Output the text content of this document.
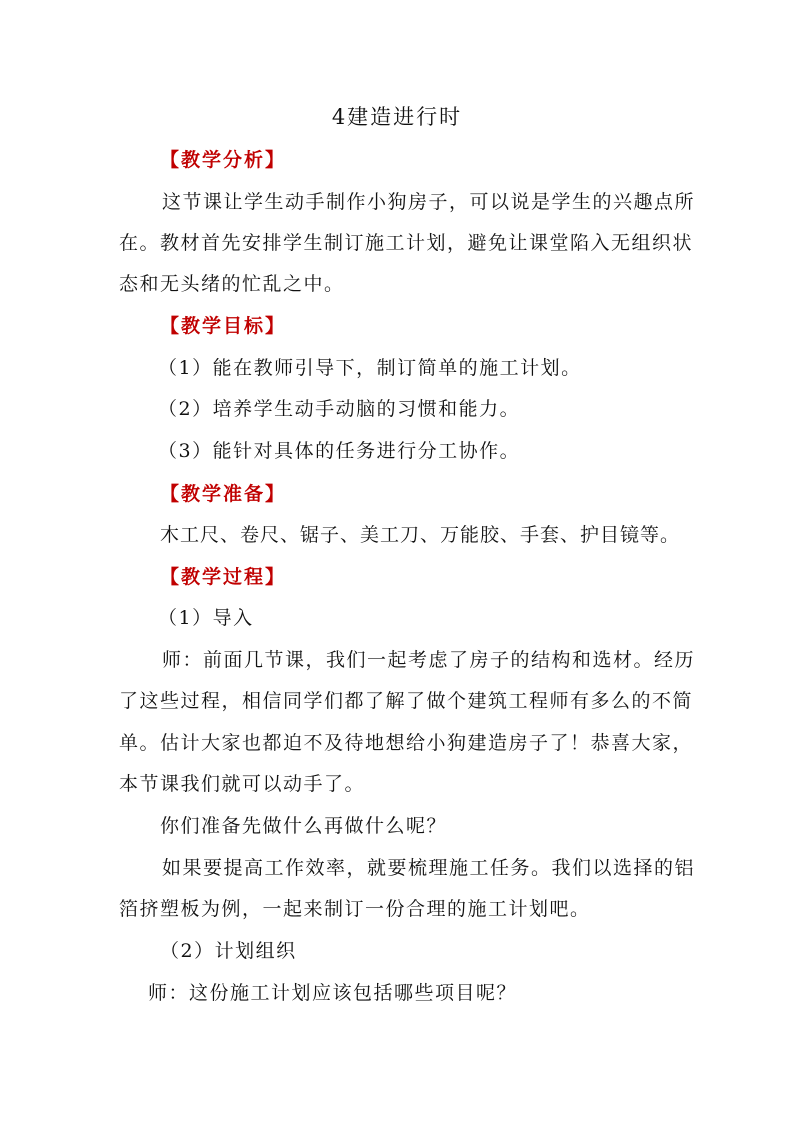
4建造进行时
【教学分析】
这节课让学生动手制作小狗房子，可以说是学生的兴趣点所
在。教材首先安排学生制订施工计划，避免让课堂陷入无组织状
态和无头绪的忙乱之中。
【教学目标】
（1）能在教师引导下，制订简单的施工计划。
（2）培养学生动手动脑的习惯和能力。
（3）能针对具体的任务进行分工协作。
【教学准备】
木工尺、卷尺、锯子、美工刀、万能胶、手套、护目镜等。
【教学过程】
（1）导入
师：前面几节课，我们一起考虑了房子的结构和选材。经历
了这些过程，相信同学们都了解了做个建筑工程师有多么的不简
单。估计大家也都迫不及待地想给小狗建造房子了！恭喜大家，
本节课我们就可以动手了。
你们准备先做什么再做什么呢？
如果要提高工作效率，就要梳理施工任务。我们以选择的铝
箔挤塑板为例，一起来制订一份合理的施工计划吧。
（2）计划组织
师：这份施工计划应该包括哪些项目呢？
